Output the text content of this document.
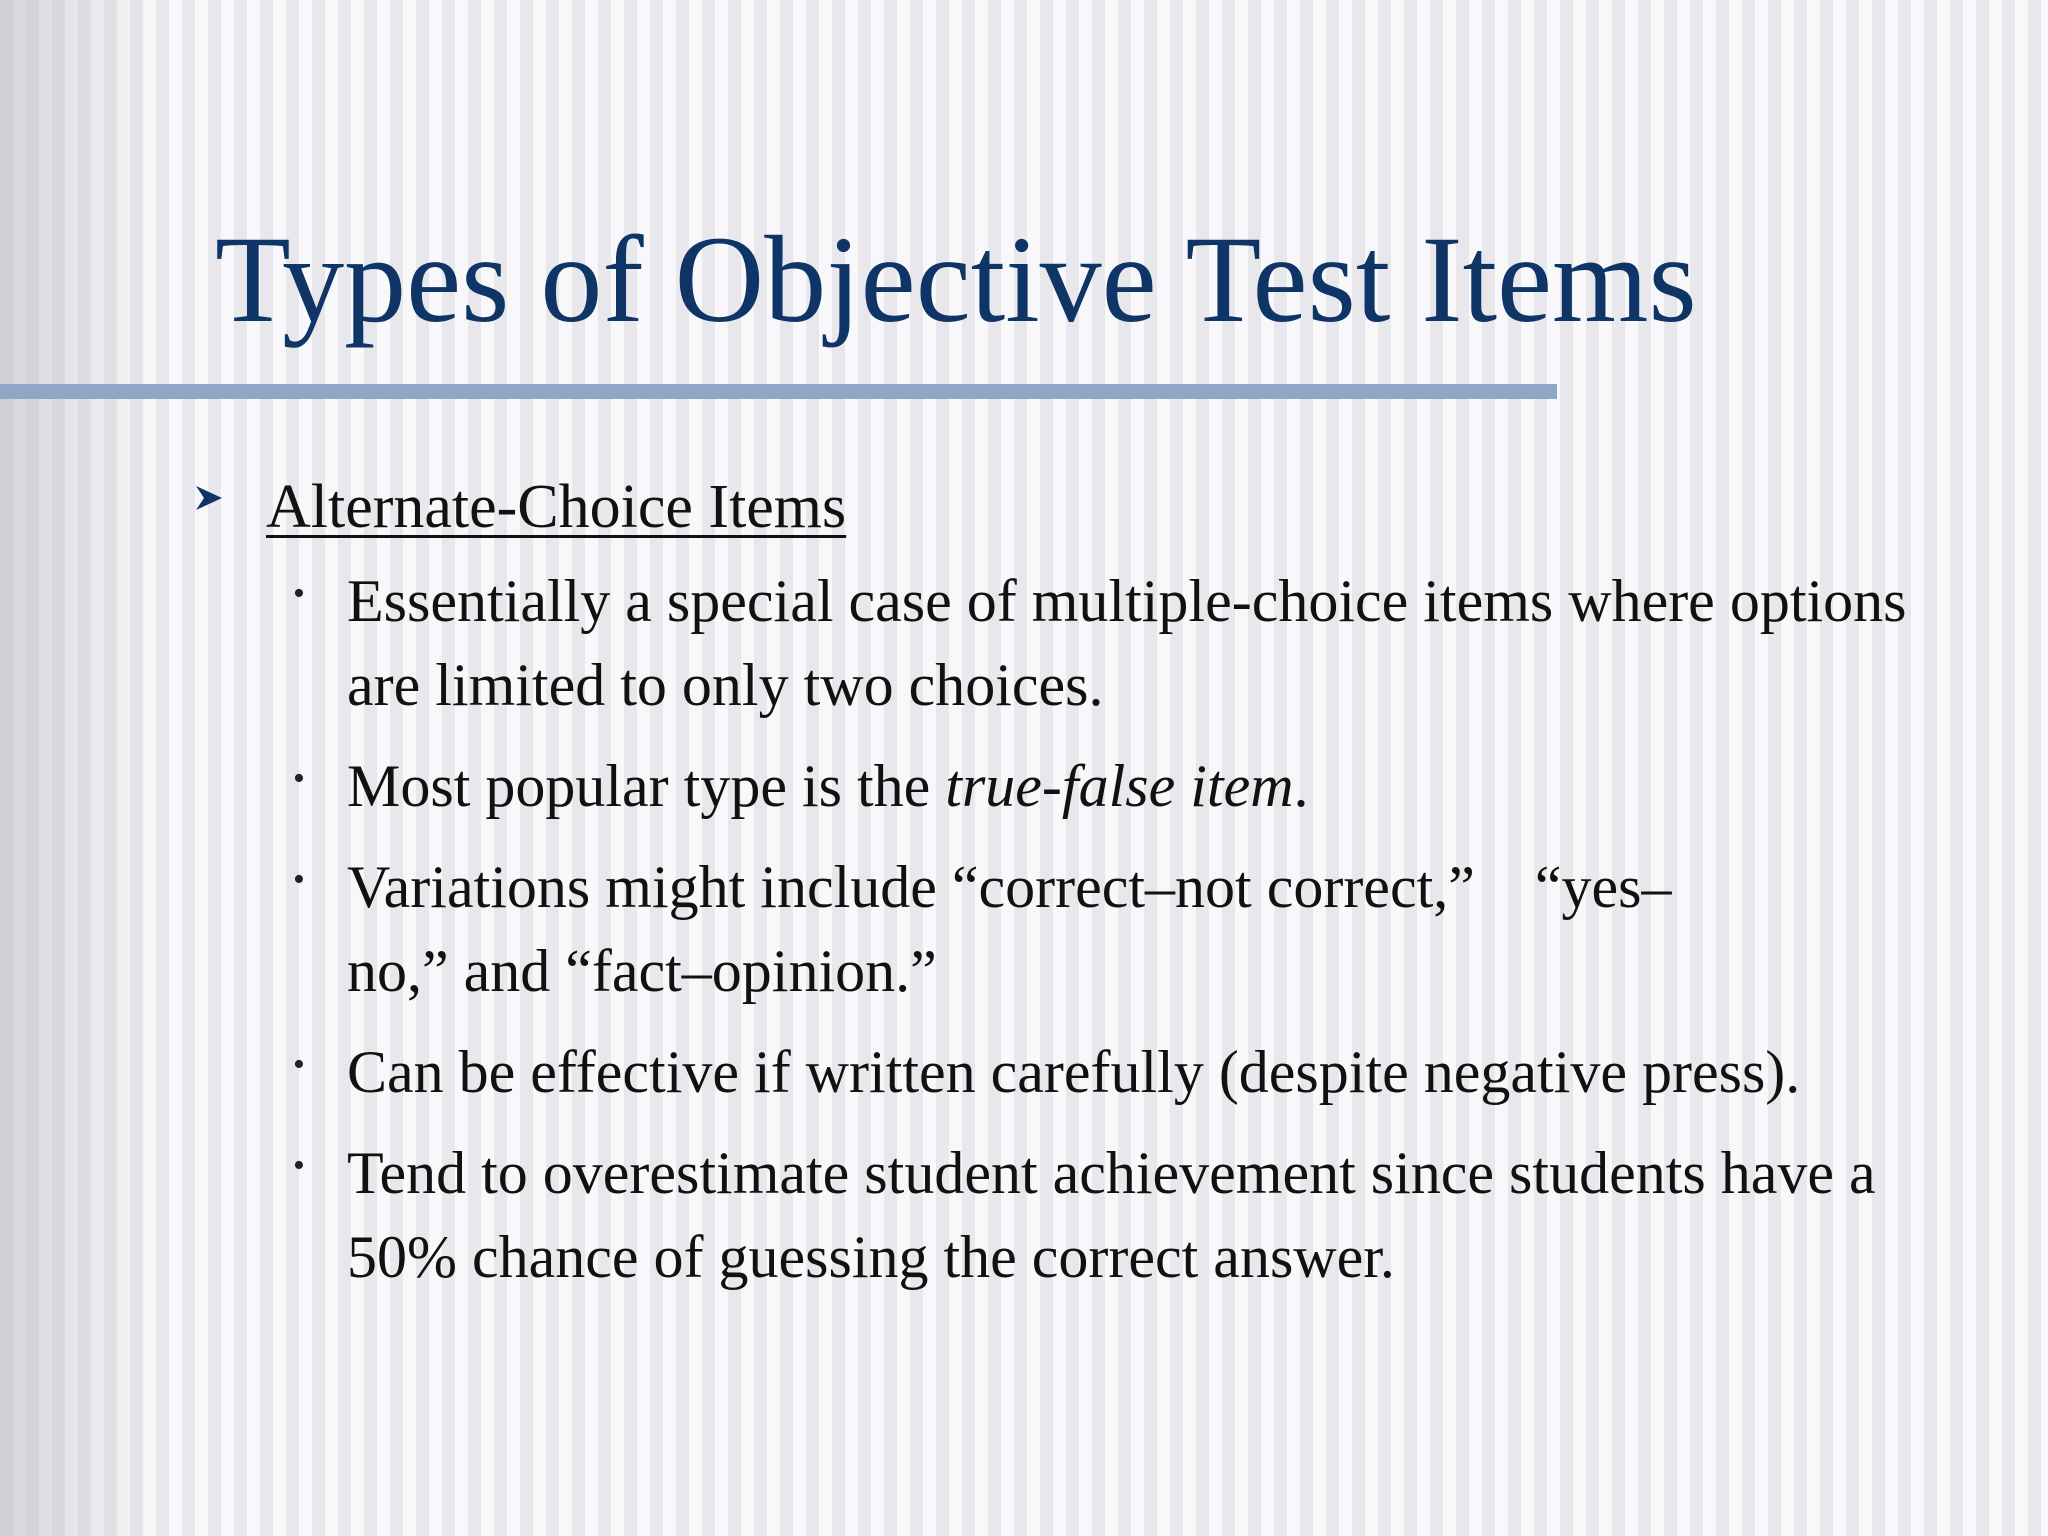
Types of Objective Test Items
Alternate-Choice Items
• Essentially a special case of multiple-choice items where options are limited to only two choices.
• Most popular type is the true-false item.
• Variations might include “correct–not correct,”    “yes–
no,” and “fact–opinion.”
• Can be effective if written carefully (despite negative press).
• Tend to overestimate student achievement since students have a 50% chance of guessing the correct answer.
